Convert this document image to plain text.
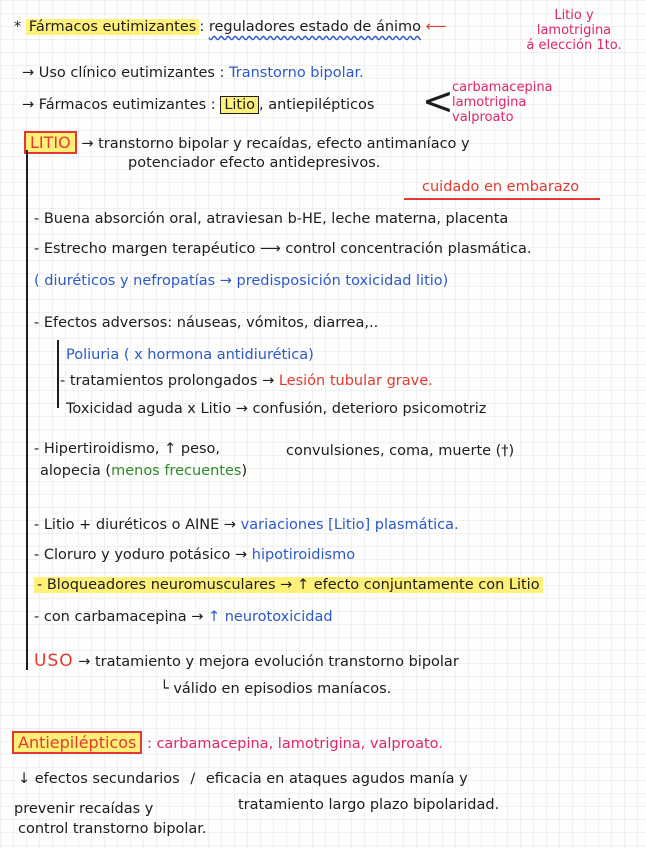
* Fármacos eutimizantes : reguladores estado de ánimo ⟵
Litio y
lamotrigina
á elección 1to.
→ Uso clínico eutimizantes : Transtorno bipolar.
→ Fármacos eutimizantes : Litio , antiepilépticos <
carbamacepina
lamotrigina
valproato
LITIO → transtorno bipolar y recaídas, efecto antimaníaco y
potenciador efecto antidepresivos.
cuidado en embarazo
- Buena absorción oral, atraviesan b-HE, leche materna, placenta
- Estrecho margen terapéutico ⟶ control concentración plasmática.
( diuréticos y nefropatías → predisposición toxicidad litio)
- Efectos adversos: náuseas, vómitos, diarrea,..
Poliuria ( x hormona antidiurética)
- tratamientos prolongados → Lesión tubular grave.
Toxicidad aguda x Litio → confusión, deterioro psicomotriz
- Hipertiroidismo, ↑ peso,	convulsiones, coma, muerte (†)
alopecia (menos frecuentes)
- Litio + diuréticos o AINE → variaciones [Litio] plasmática.
- Cloruro y yoduro potásico → hipotiroidismo
- Bloqueadores neuromusculares → ↑ efecto conjuntamente con Litio
- con carbamacepina → ↑ neurotoxicidad
USO → tratamiento y mejora evolución transtorno bipolar
└ válido en episodios maníacos.
Antiepilépticos : carbamacepina, lamotrigina, valproato.
↓ efectos secundarios / eficacia en ataques agudos manía y
prevenir recaídas y	tratamiento largo plazo bipolaridad.
control transtorno bipolar.
